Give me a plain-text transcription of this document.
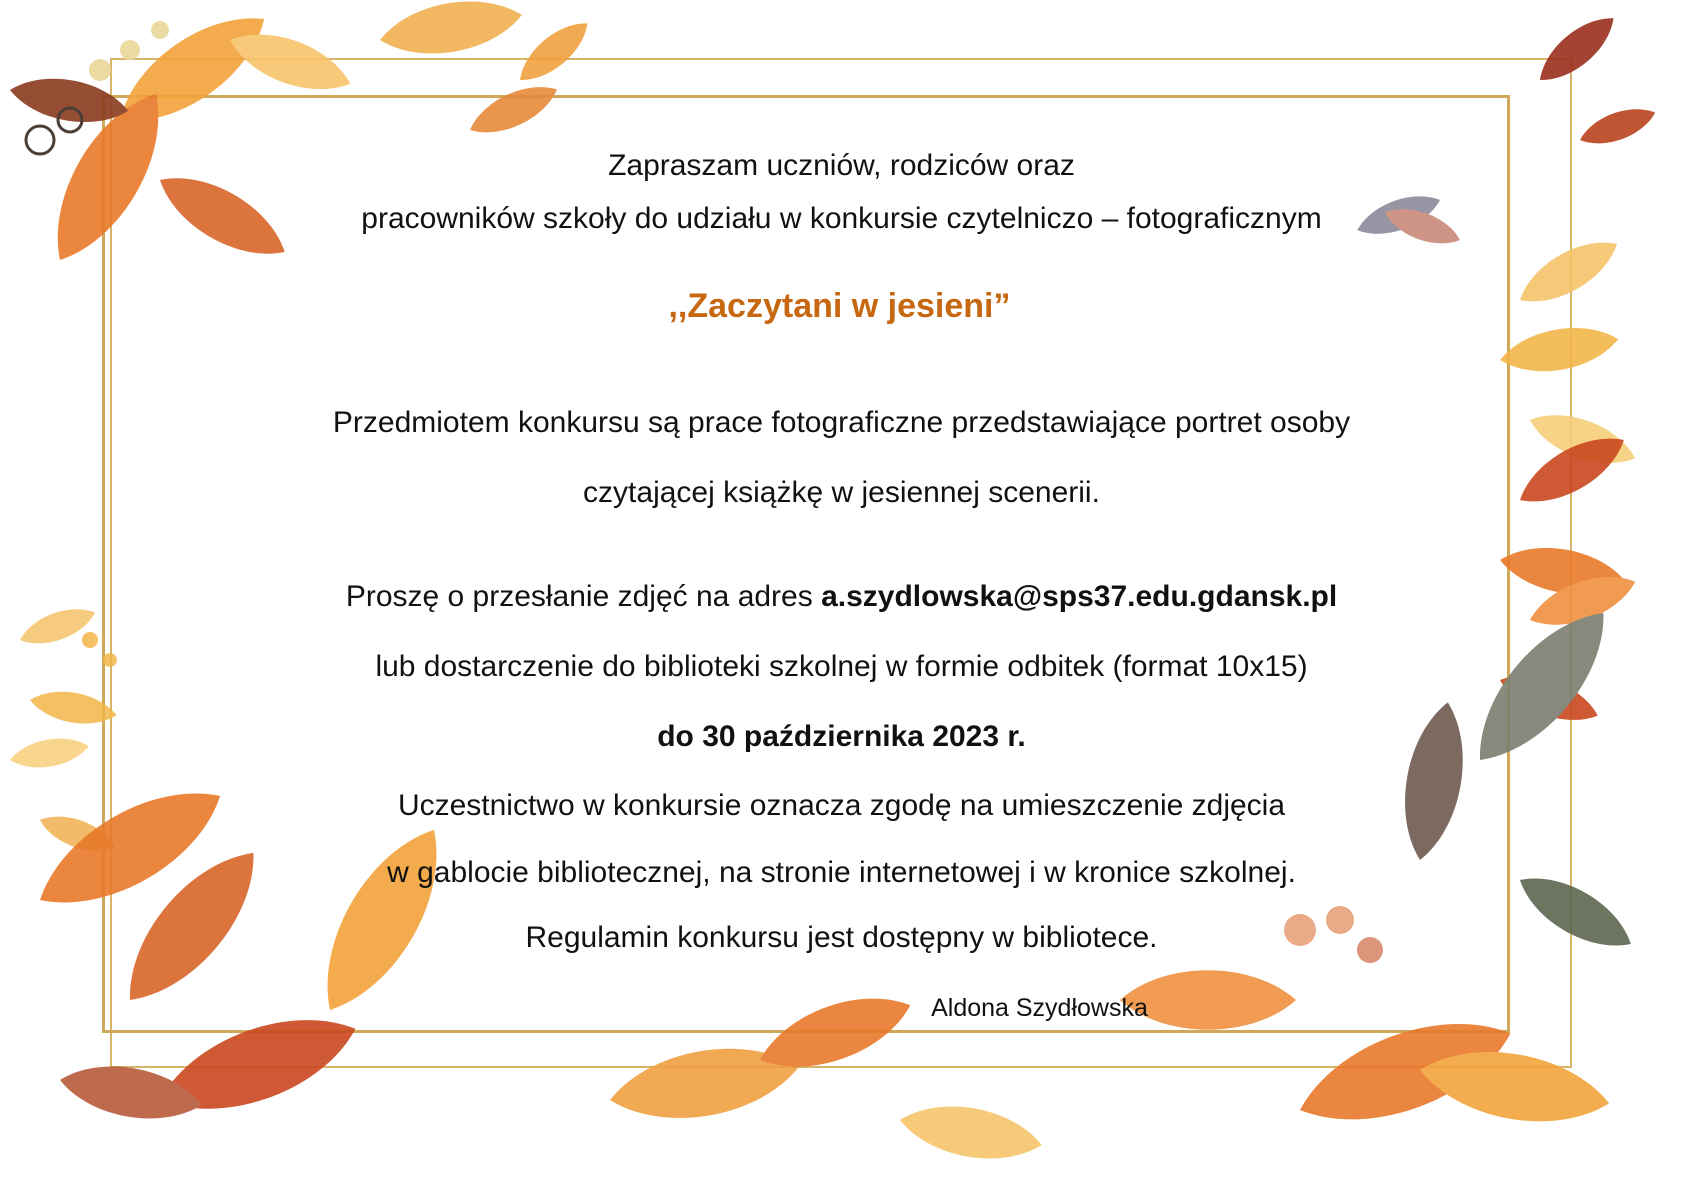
Zapraszam uczniów, rodziców oraz
pracowników szkoły do udziału w konkursie czytelniczo – fotograficznym
,,Zaczytani w jesieni”
Przedmiotem konkursu są prace fotograficzne przedstawiające portret osoby
czytającej książkę w jesiennej scenerii.
Proszę o przesłanie zdjęć na adres a.szydlowska@sps37.edu.gdansk.pl
lub dostarczenie do biblioteki szkolnej w formie odbitek (format 10x15)
do 30 października 2023 r.
Uczestnictwo w konkursie oznacza zgodę na umieszczenie zdjęcia
w gablocie bibliotecznej, na stronie internetowej i w kronice szkolnej.
Regulamin konkursu jest dostępny w bibliotece.
Aldona Szydłowska
